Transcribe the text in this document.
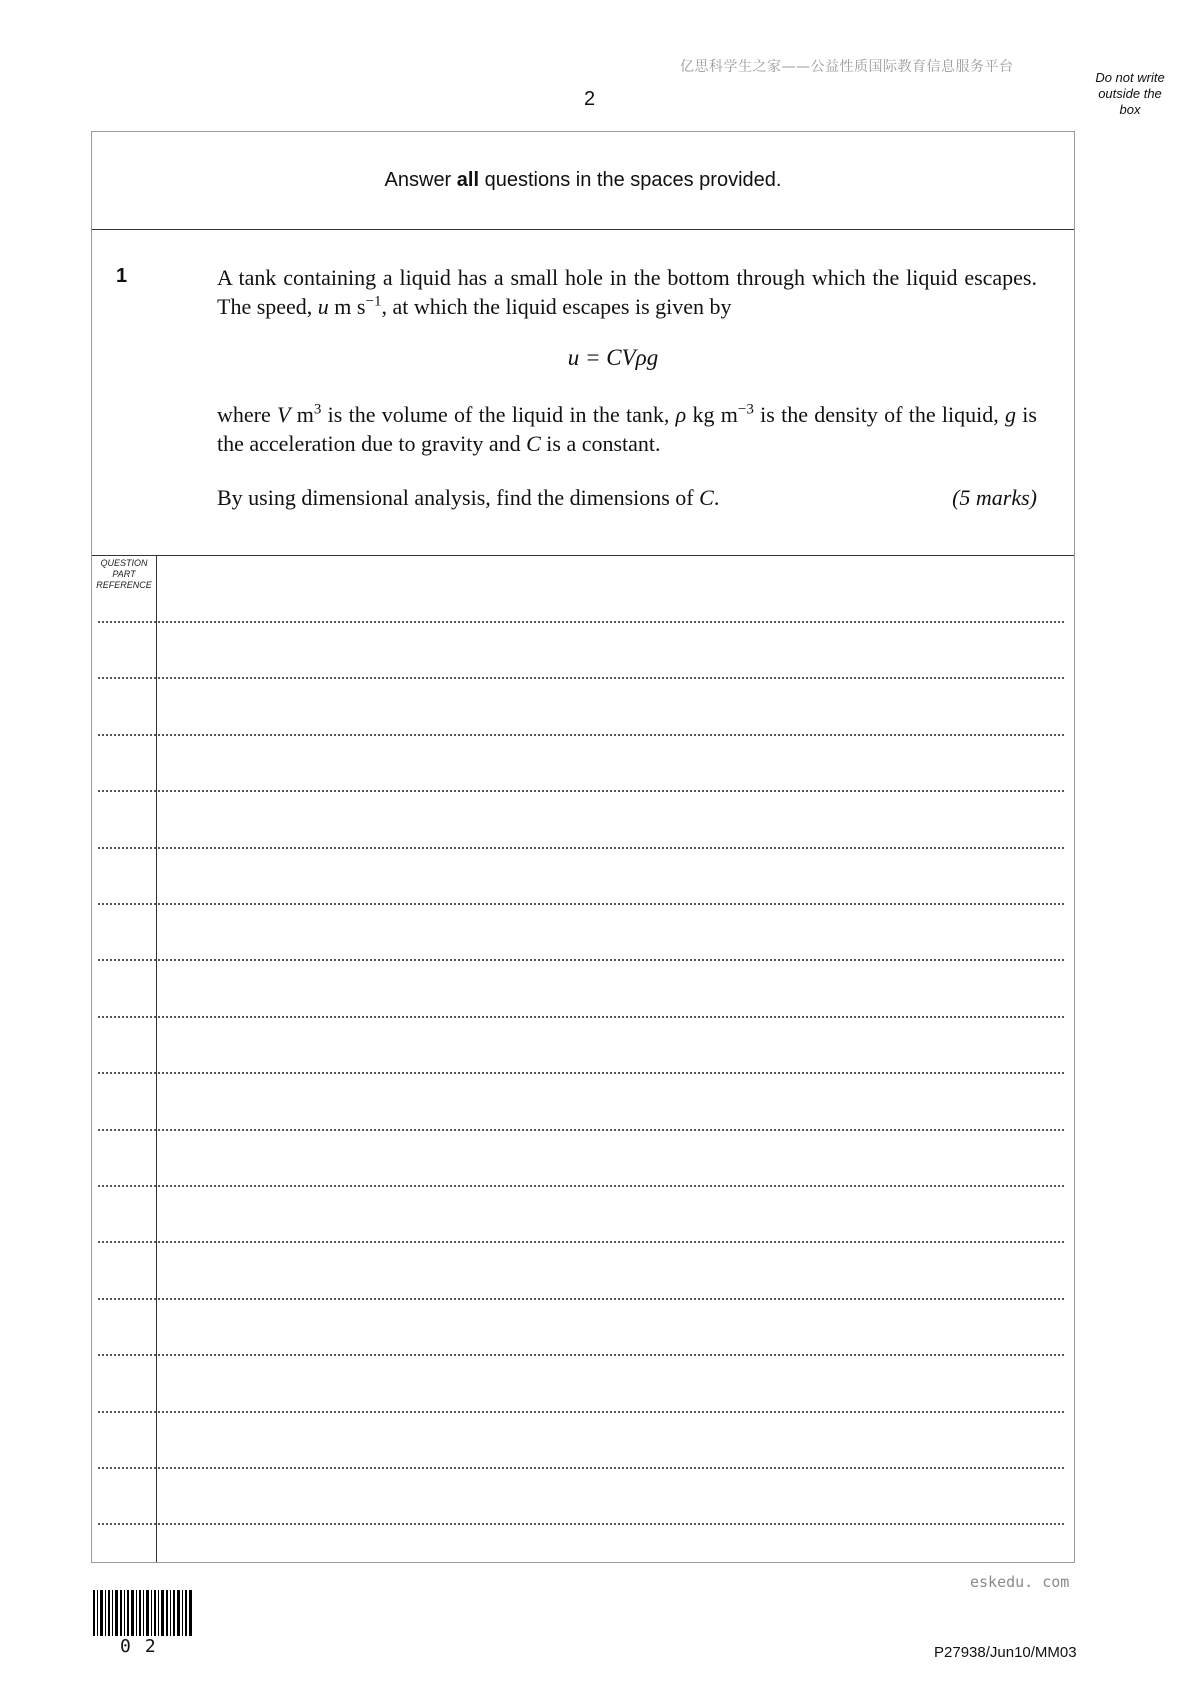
亿思科学生之家——公益性质国际教育信息服务平台
2
Do not write outside the box
Answer all questions in the spaces provided.
1	A tank containing a liquid has a small hole in the bottom through which the liquid escapes. The speed, u m $s^{-1}$, at which the liquid escapes is given by
u = CVρg
where V $m^3$ is the volume of the liquid in the tank, ρ kg $m^{-3}$ is the density of the liquid, g is the acceleration due to gravity and C is a constant.
By using dimensional analysis, find the dimensions of C.	(5 marks)
QUESTION
PART
REFERENCE
eskedu. com
02	P27938/Jun10/MM03
